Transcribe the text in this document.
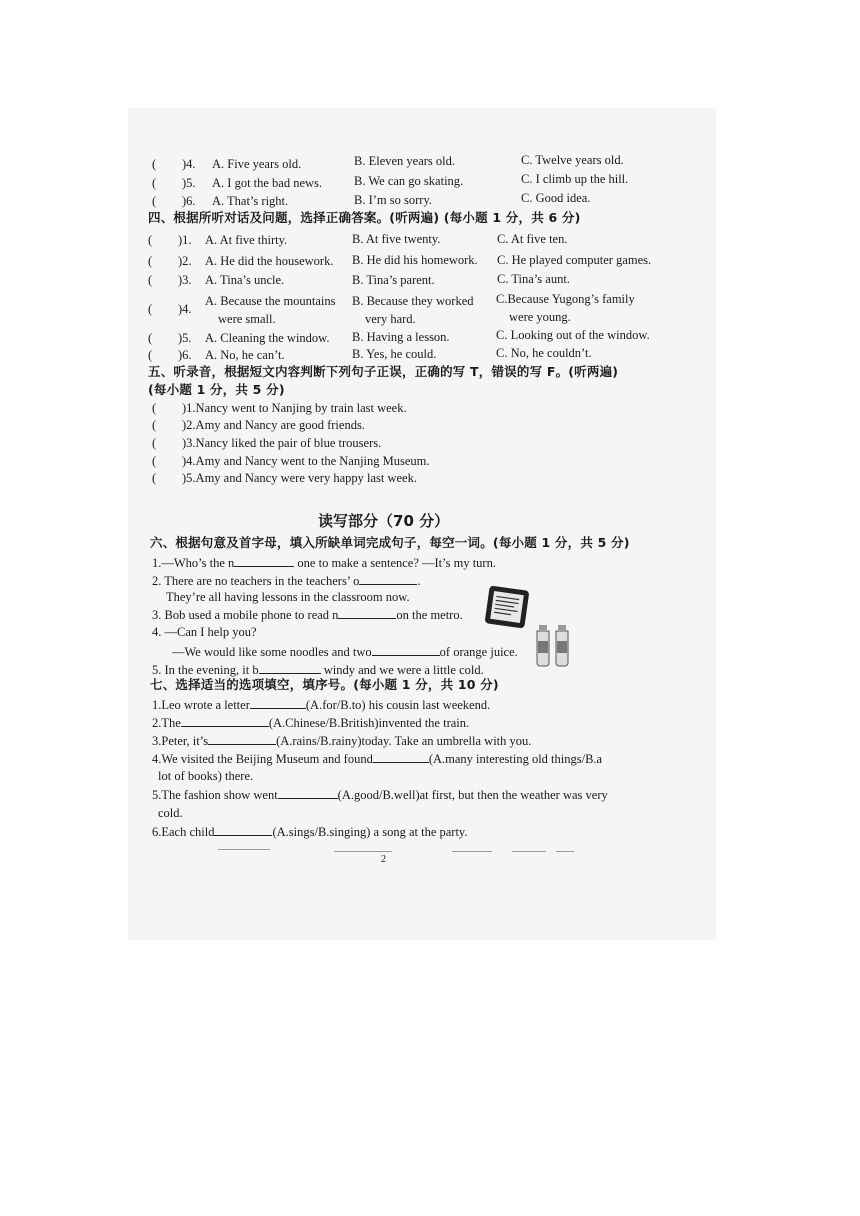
( )4. A. Five years old.	B. Eleven years old.	C. Twelve years old.
( )5. A. I got the bad news.	B. We can go skating.	C. I climb up the hill.
( )6. A. That’s right.	B. I’m so sorry.	C. Good idea.
四、根据所听对话及问题，选择正确答案。(听两遍) (每小题 1 分，共 6 分)
( )1. A. At five thirty.	B. At five twenty.	C. At five ten.
( )2. A. He did the housework. B. He did his homework. C. He played computer games.
( )3. A. Tina’s uncle.	B. Tina’s parent.	C. Tina’s aunt.
( )4.
A. Because the mountains
were small.
B. Because they worked
very hard.
C.Because Yugong’s family
were young.
( )5. A. Cleaning the window. B. Having a lesson.	C. Looking out of the window.
( )6. A. No, he can’t.	B. Yes, he could.	C. No, he couldn’t.
五、听录音，根据短文内容判断下列句子正误，正确的写 T，错误的写 F。(听两遍)
(每小题 1 分，共 5 分)
( )1.Nancy went to Nanjing by train last week.
( )2.Amy and Nancy are good friends.
( )3.Nancy liked the pair of blue trousers.
( )4.Amy and Nancy went to the Nanjing Museum.
( )5.Amy and Nancy were very happy last week.
读写部分（70 分）
六、根据句意及首字母，填入所缺单词完成句子，每空一词。(每小题 1 分，共 5 分)
1.—Who’s the n	one to make a sentence? —It’s my turn.
2. There are no teachers in the teachers’ o	.
They’re all having lessons in the classroom now.
3. Bob used a mobile phone to read n	on the metro.
4. —Can I help you?
—We would like some noodles and two	of orange juice.
5. In the evening, it b	windy and we were a little cold.
七、选择适当的选项填空，填序号。(每小题 1 分，共 10 分)
1.Leo wrote a letter	(A.for/B.to) his cousin last weekend.
2.The	(A.Chinese/B.British)invented the train.
3.Peter, it’s	(A.rains/B.rainy)today. Take an umbrella with you.
4.We visited the Beijing Museum and found	(A.many interesting old things/B.a
lot of books) there.
5.The fashion show went	(A.good/B.well)at first, but then the weather was very
cold.
6.Each child	(A.sings/B.singing) a song at the party.
2
